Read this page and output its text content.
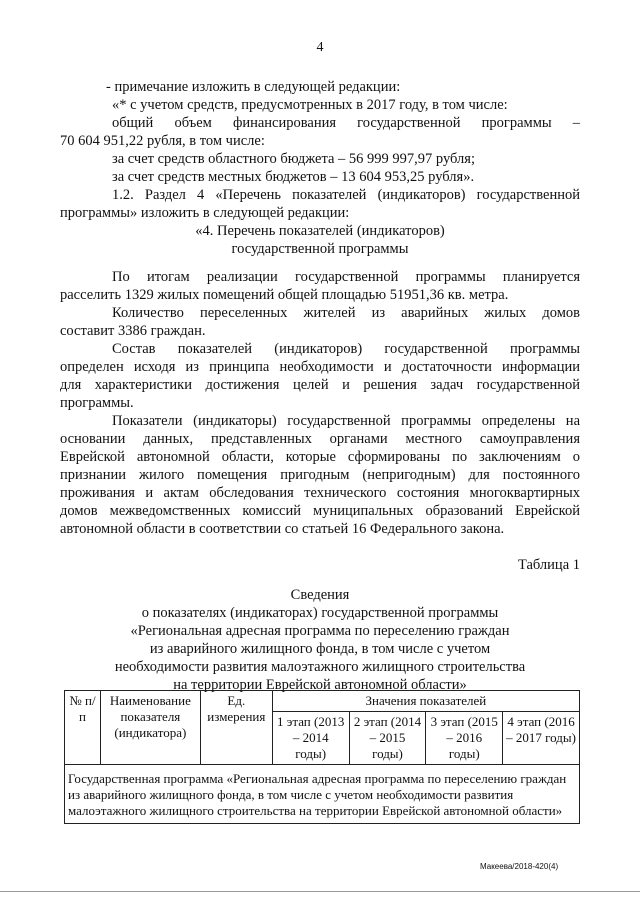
4
- примечание изложить в следующей редакции:
«* с учетом средств, предусмотренных в 2017 году, в том числе:
общий объем финансирования государственной программы –
70 604 951,22 рубля, в том числе:
за счет средств областного бюджета – 56 999 997,97 рубля;
за счет средств местных бюджетов – 13 604 953,25 рубля».
1.2. Раздел 4 «Перечень показателей (индикаторов) государственной
программы» изложить в следующей редакции:
«4. Перечень показателей (индикаторов)
государственной программы
По итогам реализации государственной программы планируется
расселить 1329 жилых помещений общей площадью 51951,36 кв. метра.
Количество переселенных жителей из аварийных жилых домов
составит 3386 граждан.
Состав показателей (индикаторов) государственной программы
определен исходя из принципа необходимости и достаточности информации
для характеристики достижения целей и решения задач государственной
программы.
Показатели (индикаторы) государственной программы определены на
основании данных, представленных органами местного самоуправления
Еврейской автономной области, которые сформированы по заключениям о
признании жилого помещения пригодным (непригодным) для постоянного
проживания и актам обследования технического состояния многоквартирных
домов межведомственных комиссий муниципальных образований Еврейской
автономной области в соответствии со статьей 16 Федерального закона.
Таблица 1
Сведения
о показателях (индикаторах) государственной программы
«Региональная адресная программа по переселению граждан
из аварийного жилищного фонда, в том числе с учетом
необходимости развития малоэтажного жилищного строительства
на территории Еврейской автономной области»
№ п/п	Наименование показателя (индикатора)	Ед. измерения	Значения показателей			
			1 этап (2013 – 2014 годы)	2 этап (2014 – 2015 годы)	3 этап (2015 – 2016 годы)	4 этап (2016 – 2017 годы)
Государственная программа «Региональная адресная программа по переселению граждан из аварийного жилищного фонда, в том числе с учетом необходимости развития малоэтажного жилищного строительства на территории Еврейской автономной области»						
Макеева/2018-420(4)
